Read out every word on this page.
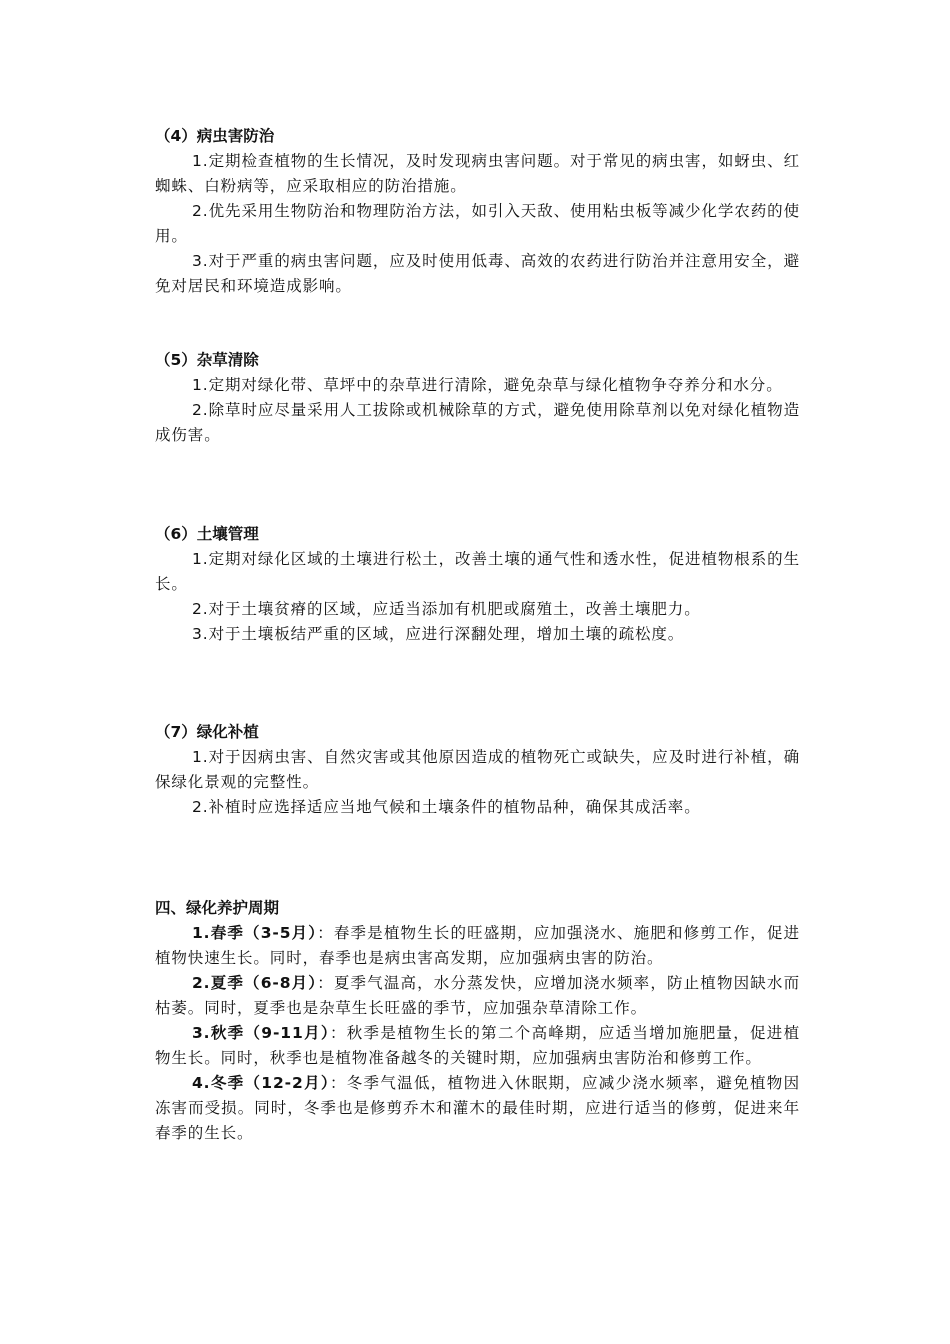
（4）病虫害防治

1.定期检查植物的生长情况，及时发现病虫害问题。对于常见的病虫害，如蚜虫、红蜘蛛、白粉病等，应采取相应的防治措施。

2.优先采用生物防治和物理防治方法，如引入天敌、使用粘虫板等减少化学农药的使用。

3.对于严重的病虫害问题，应及时使用低毒、高效的农药进行防治并注意用安全，避免对居民和环境造成影响。

（5）杂草清除

1.定期对绿化带、草坪中的杂草进行清除，避免杂草与绿化植物争夺养分和水分。

2.除草时应尽量采用人工拔除或机械除草的方式，避免使用除草剂以免对绿化植物造成伤害。

（6）土壤管理

1.定期对绿化区域的土壤进行松土，改善土壤的通气性和透水性，促进植物根系的生长。

2.对于土壤贫瘠的区域，应适当添加有机肥或腐殖土，改善土壤肥力。

3.对于土壤板结严重的区域，应进行深翻处理，增加土壤的疏松度。

（7）绿化补植

1.对于因病虫害、自然灾害或其他原因造成的植物死亡或缺失，应及时进行补植，确保绿化景观的完整性。

2.补植时应选择适应当地气候和土壤条件的植物品种，确保其成活率。

四、绿化养护周期

1.春季（3-5月）：春季是植物生长的旺盛期，应加强浇水、施肥和修剪工作，促进植物快速生长。同时，春季也是病虫害高发期，应加强病虫害的防治。

2.夏季（6-8月）：夏季气温高，水分蒸发快，应增加浇水频率，防止植物因缺水而枯萎。同时，夏季也是杂草生长旺盛的季节，应加强杂草清除工作。

3.秋季（9-11月）：秋季是植物生长的第二个高峰期，应适当增加施肥量，促进植物生长。同时，秋季也是植物准备越冬的关键时期，应加强病虫害防治和修剪工作。

4.冬季（12-2月）：冬季气温低，植物进入休眠期，应减少浇水频率，避免植物因冻害而受损。同时，冬季也是修剪乔木和灌木的最佳时期，应进行适当的修剪，促进来年春季的生长。
